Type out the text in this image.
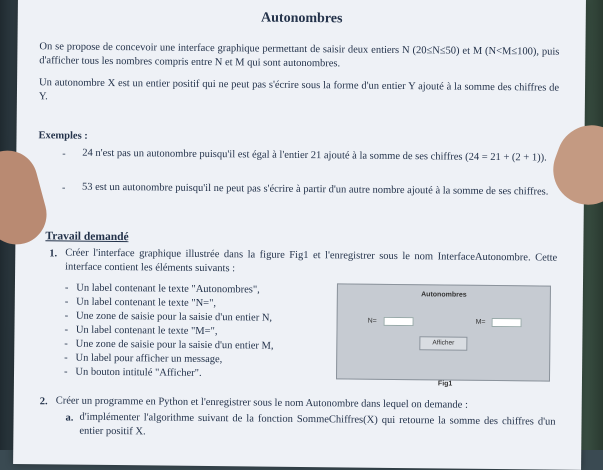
Autonombres
On se propose de concevoir une interface graphique permettant de saisir deux entiers N (20≤N≤50) et M (N<M≤100), puis d'afficher tous les nombres compris entre N et M qui sont autonombres.
Un autonombre X est un entier positif qui ne peut pas s'écrire sous la forme d'un entier Y ajouté à la somme des chiffres de Y.
Exemples :
- 24 n'est pas un autonombre puisqu'il est égal à l'entier 21 ajouté à la somme de ses chiffres (24 = 21 + (2 + 1)).
- 53 est un autonombre puisqu'il ne peut pas s'écrire à partir d'un autre nombre ajouté à la somme de ses chiffres.
Travail demandé
1. Créer l'interface graphique illustrée dans la figure Fig1 et l'enregistrer sous le nom InterfaceAutonombre. Cette interface contient les éléments suivants :
- Un label contenant le texte "Autonombres",
- Un label contenant le texte "N=",
- Une zone de saisie pour la saisie d'un entier N,
- Un label contenant le texte "M=",
- Une zone de saisie pour la saisie d'un entier M,
- Un label pour afficher un message,
- Un bouton intitulé "Afficher".
Autonombres
N=	M=
Afficher
Fig1
2. Créer un programme en Python et l'enregistrer sous le nom Autonombre dans lequel on demande :
a. d'implémenter l'algorithme suivant de la fonction SommeChiffres(X) qui retourne la somme des chiffres d'un entier positif X.
